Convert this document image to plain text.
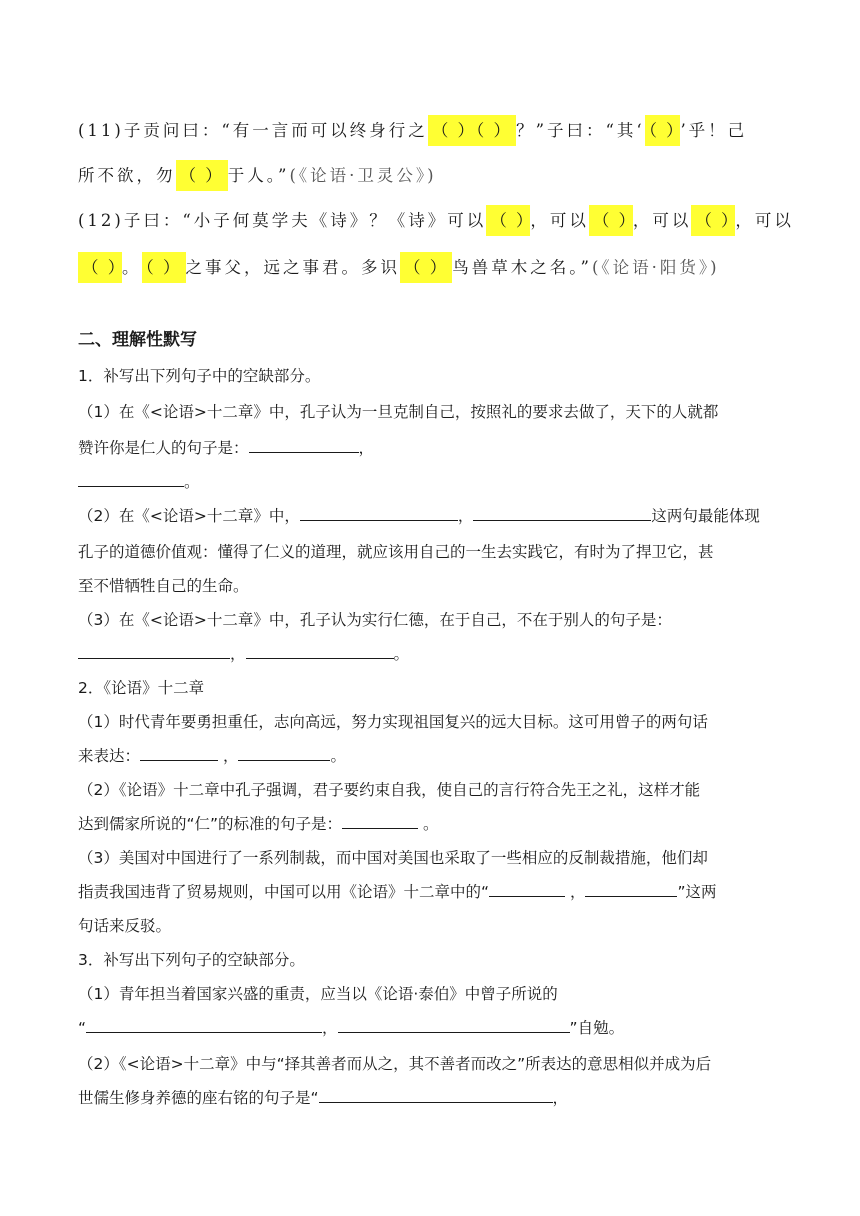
(11)子贡问曰：“有一言而可以终身行之 （ ）（ ） ？”子曰：“其‘ （ ） ’乎！己
所不欲，勿 （ ） 于人。”(《论语·卫灵公》)
(12)子曰：“小子何莫学夫《诗》？《诗》可以 （ ） ，可以 （ ） ，可以 （ ） ，可以
（ ） 。 （ ） 之事父，远之事君。多识 （ ） 鸟兽草木之名。”(《论语·阳货》)
二、理解性默写
1．补写出下列句子中的空缺部分。
（1）在《<论语>十二章》中，孔子认为一旦克制自己，按照礼的要求去做了，天下的人就都
赞许你是仁人的句子是：	，
。
（2）在《<论语>十二章》中，	，	这两句最能体现
孔子的道德价值观：懂得了仁义的道理，就应该用自己的一生去实践它，有时为了捍卫它，甚
至不惜牺牲自己的生命。
（3）在《<论语>十二章》中，孔子认为实行仁德，在于自己，不在于别人的句子是：
，	。
2．《论语》十二章
（1）时代青年要勇担重任，志向高远，努力实现祖国复兴的远大目标。这可用曾子的两句话
来表达：	，	。
（2）《论语》十二章中孔子强调，君子要约束自我，使自己的言行符合先王之礼，这样才能
达到儒家所说的“仁”的标准的句子是：	。
（3）美国对中国进行了一系列制裁，而中国对美国也采取了一些相应的反制裁措施，他们却
指责我国违背了贸易规则，中国可以用《论语》十二章中的“	，	”这两
句话来反驳。
3．补写出下列句子的空缺部分。
（1）青年担当着国家兴盛的重责，应当以《论语·泰伯》中曾子所说的
“	，	”自勉。
（2）《<论语>十二章》中与“择其善者而从之，其不善者而改之”所表达的意思相似并成为后
世儒生修身养德的座右铭的句子是“	，
